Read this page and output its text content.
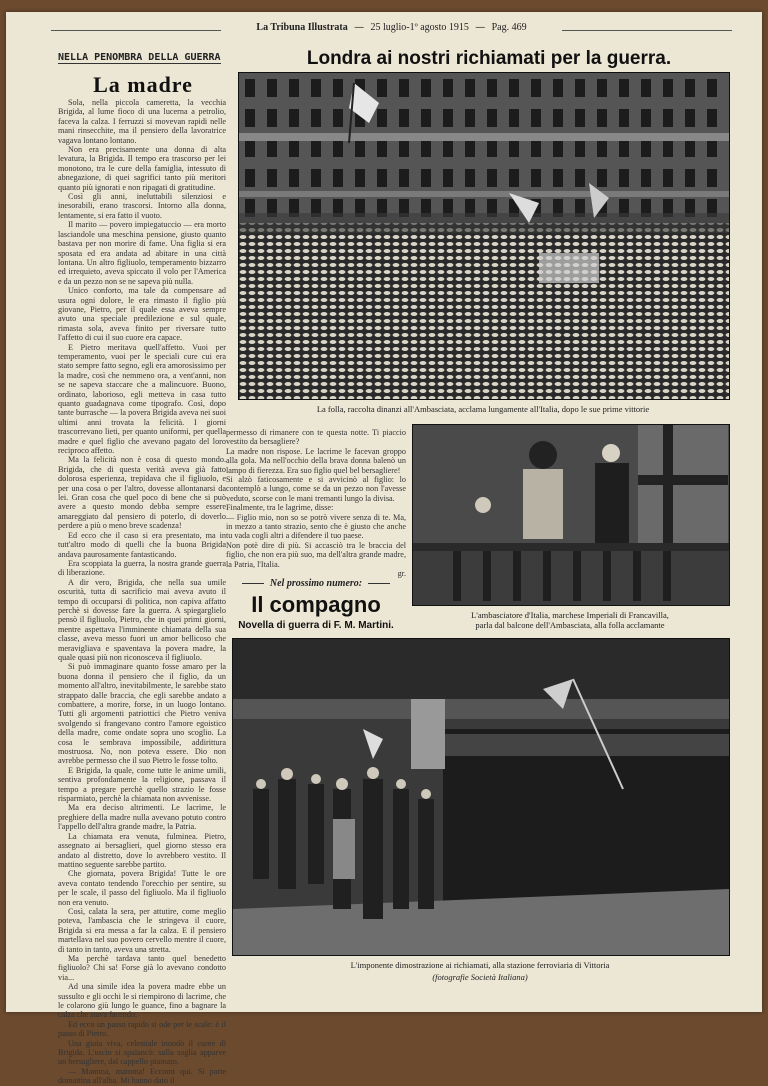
La Tribuna Illustrata  —  25 luglio-1º agosto 1915  —  Pag. 469
NELLA PENOMBRA DELLA GUERRA
La madre

Sola, nella piccola cameretta, la vecchia Brigida, al lume fioco di una lucerna a petrolio, faceva la calza. I ferruzzi si movevan rapidi nelle mani rinsecchite, ma il pensiero della lavoratrice vagava lontano lontano.

Non era precisamente una donna di alta levatura, la Brigida. Il tempo era trascorso per lei monotono, tra le cure della famiglia, intessuto di abnegazione, di quei sagrifici tanto più meritori quanto più ignorati e non ripagati di gratitudine.

Così gli anni, ineluttabili silenziosi e inesorabili, erano trascorsi. Intorno alla donna, lentamente, si era fatto il vuoto.

Il marito — povero impiegatuccio — era morto lasciandole una meschina pensione, giusto quanto bastava per non morire di fame. Una figlia si era sposata ed era andata ad abitare in una città lontana. Un altro figliuolo, temperamento bizzarro ed irrequieto, aveva spiccato il volo per l'America e da un pezzo non se ne sapeva più nulla.

Unico conforto, ma tale da compensare ad usura ogni dolore, le era rimasto il figlio più giovane, Pietro, per il quale essa aveva sempre avuto una speciale predilezione e sul quale, rimasta sola, aveva finito per riversare tutto l'affetto di cui il suo cuore era capace.

E Pietro meritava quell'affetto. Vuoi per temperamento, vuoi per le speciali cure cui era stato sempre fatto segno, egli era amorosissimo per la madre, così che nemmeno ora, a vent'anni, non se ne sapeva staccare che a malincuore. Buono, ordinato, laborioso, egli metteva in casa tutto quanto guadagnava come tipografo. Così, dopo tante burrasche — la povera Brigida aveva nei suoi ultimi anni trovata la felicità. I giorni trascorrevano lieti, per quanto uniformi, per quella madre e quel figlio che avevano pagato del loro reciproco affetto.

Ma la felicità non è cosa di questo mondo. Brigida, che di questa verità aveva già fatto dolorosa esperienza, trepidava che il figliuolo, e per una cosa o per l'altro, dovesse allontanarsi da lei. Gran cosa che quel poco di bene che si può avere a questo mondo debba sempre essere amareggiato dal pensiero di poterlo, di doverlo perdere a più o meno breve scadenza!

Ed ecco che il caso si era presentato, ma in tutt'altro modo di quelli che la buona Brigida andava paurosamente fantasticando.

Era scoppiata la guerra, la nostra grande guerra di liberazione.

A dir vero, Brigida, che nella sua umile oscurità, tutta di sacrificio mai aveva avuto il tempo di occuparsi di politica, non capiva affatto perchè si dovesse fare la guerra. A spiegarglielo pensò il figliuolo, Pietro, che in quei primi giorni, mentre aspettava l'imminente chiamata della sua classe, aveva messo fuori un amor bellicoso che meravigliava e spaventava la povera madre, la quale quasi più non riconosceva il figliuolo.

Si può immaginare quanto fosse amaro per la buona donna il pensiero che il figlio, da un momento all'altro, inevitabilmente, le sarebbe stato strappato dalle braccia, che egli sarebbe andato a combattere, a morire, forse, in un luogo lontano. Tutti gli argomenti patriottici che Pietro veniva svolgendo si frangevano contro l'amore egoistico della madre, come ondate sopra uno scoglio. La cosa le sembrava impossibile, addirittura mostruosa. No, non poteva essere. Dio non avrebbe permesso che il suo Pietro le fosse tolto.

E Brigida, la quale, come tutte le anime umili, sentiva profondamente la religione, passava il tempo a pregare perchè quello strazio le fosse risparmiato, perchè la chiamata non avvenisse.

Ma era deciso altrimenti. Le lacrime, le preghiere della madre nulla avevano potuto contro l'appello dell'altra grande madre, la Patria.

La chiamata era venuta, fulminea. Pietro, assegnato ai bersaglieri, quel giorno stesso era andato al distretto, dove lo avrebbero vestito. Il mattino seguente sarebbe partito.

Che giornata, povera Brigida! Tutte le ore aveva contato tendendo l'orecchio per sentire, su per le scale, il passo del figliuolo. Ma il figliuolo non era venuto.

Così, calata la sera, per attutire, come meglio poteva, l'ambascia che le stringeva il cuore, Brigida si era messa a far la calza. E il pensiero martellava nel suo povero cervello mentre il cuore, di tanto in tanto, aveva una stretta.

Ma perchè tardava tanto quel benedetto figliuolo? Chi sa! Forse già lo avevano condotto via...

Ad una simile idea la povera madre ebbe un sussulto e gli occhi le si riempirono di lacrime, che le colarono giù lungo le guance, fino a bagnare la calza che stava facendo.

Ed ecco un passo rapido si ode per le scale: è il passo di Pietro.

Una gioia viva, celestiale inondò il cuore di Brigida. L'uscio si spalancò: sulla soglia apparve un bersagliere, dal cappello piumato.

— Mamma, mamma! Eccomi qui. Si parte domattina all'alba. Mi hanno dato il

Londra ai nostri richiamati per la guerra.
La folla, raccolta dinanzi all'Ambasciata, acclama lungamente all'Italia, dopo le sue prime vittorie

permesso di rimanere con te questa notte. Ti piaccio vestito da bersagliere?

La madre non rispose. Le lacrime le facevan groppo alla gola. Ma nell'occhio della brava donna balenò un lampo di fierezza. Era suo figlio quel bel bersagliere!

Si alzò faticosamente e si avvicinò al figlio: lo contemplò a lungo, come se da un pezzo non l'avesse veduto, scorse con le mani tremanti lungo la divisa.

Finalmente, tra le lagrime, disse:

— Figlio mio, non so se potrò vivere senza di te. Ma, in mezzo a tanto strazio, sento che è giusto che anche tu vada cogli altri a difendere il tuo paese.

Non potè dire di più. Si accasciò tra le braccia del figlio, che non era più suo, ma dell'altra grande madre, la Patria, l'Italia.

gr.

L'ambasciatore d'Italia, marchese Imperiali di Francavilla,
parla dal balcone dell'Ambasciata, alla folla acclamante
Nel prossimo numero:
Il compagno
Novella di guerra di F. M. Martini.
L'imponente dimostrazione ai richiamati, alla stazione ferroviaria di Vittoria
(fotografie Società Italiana)
